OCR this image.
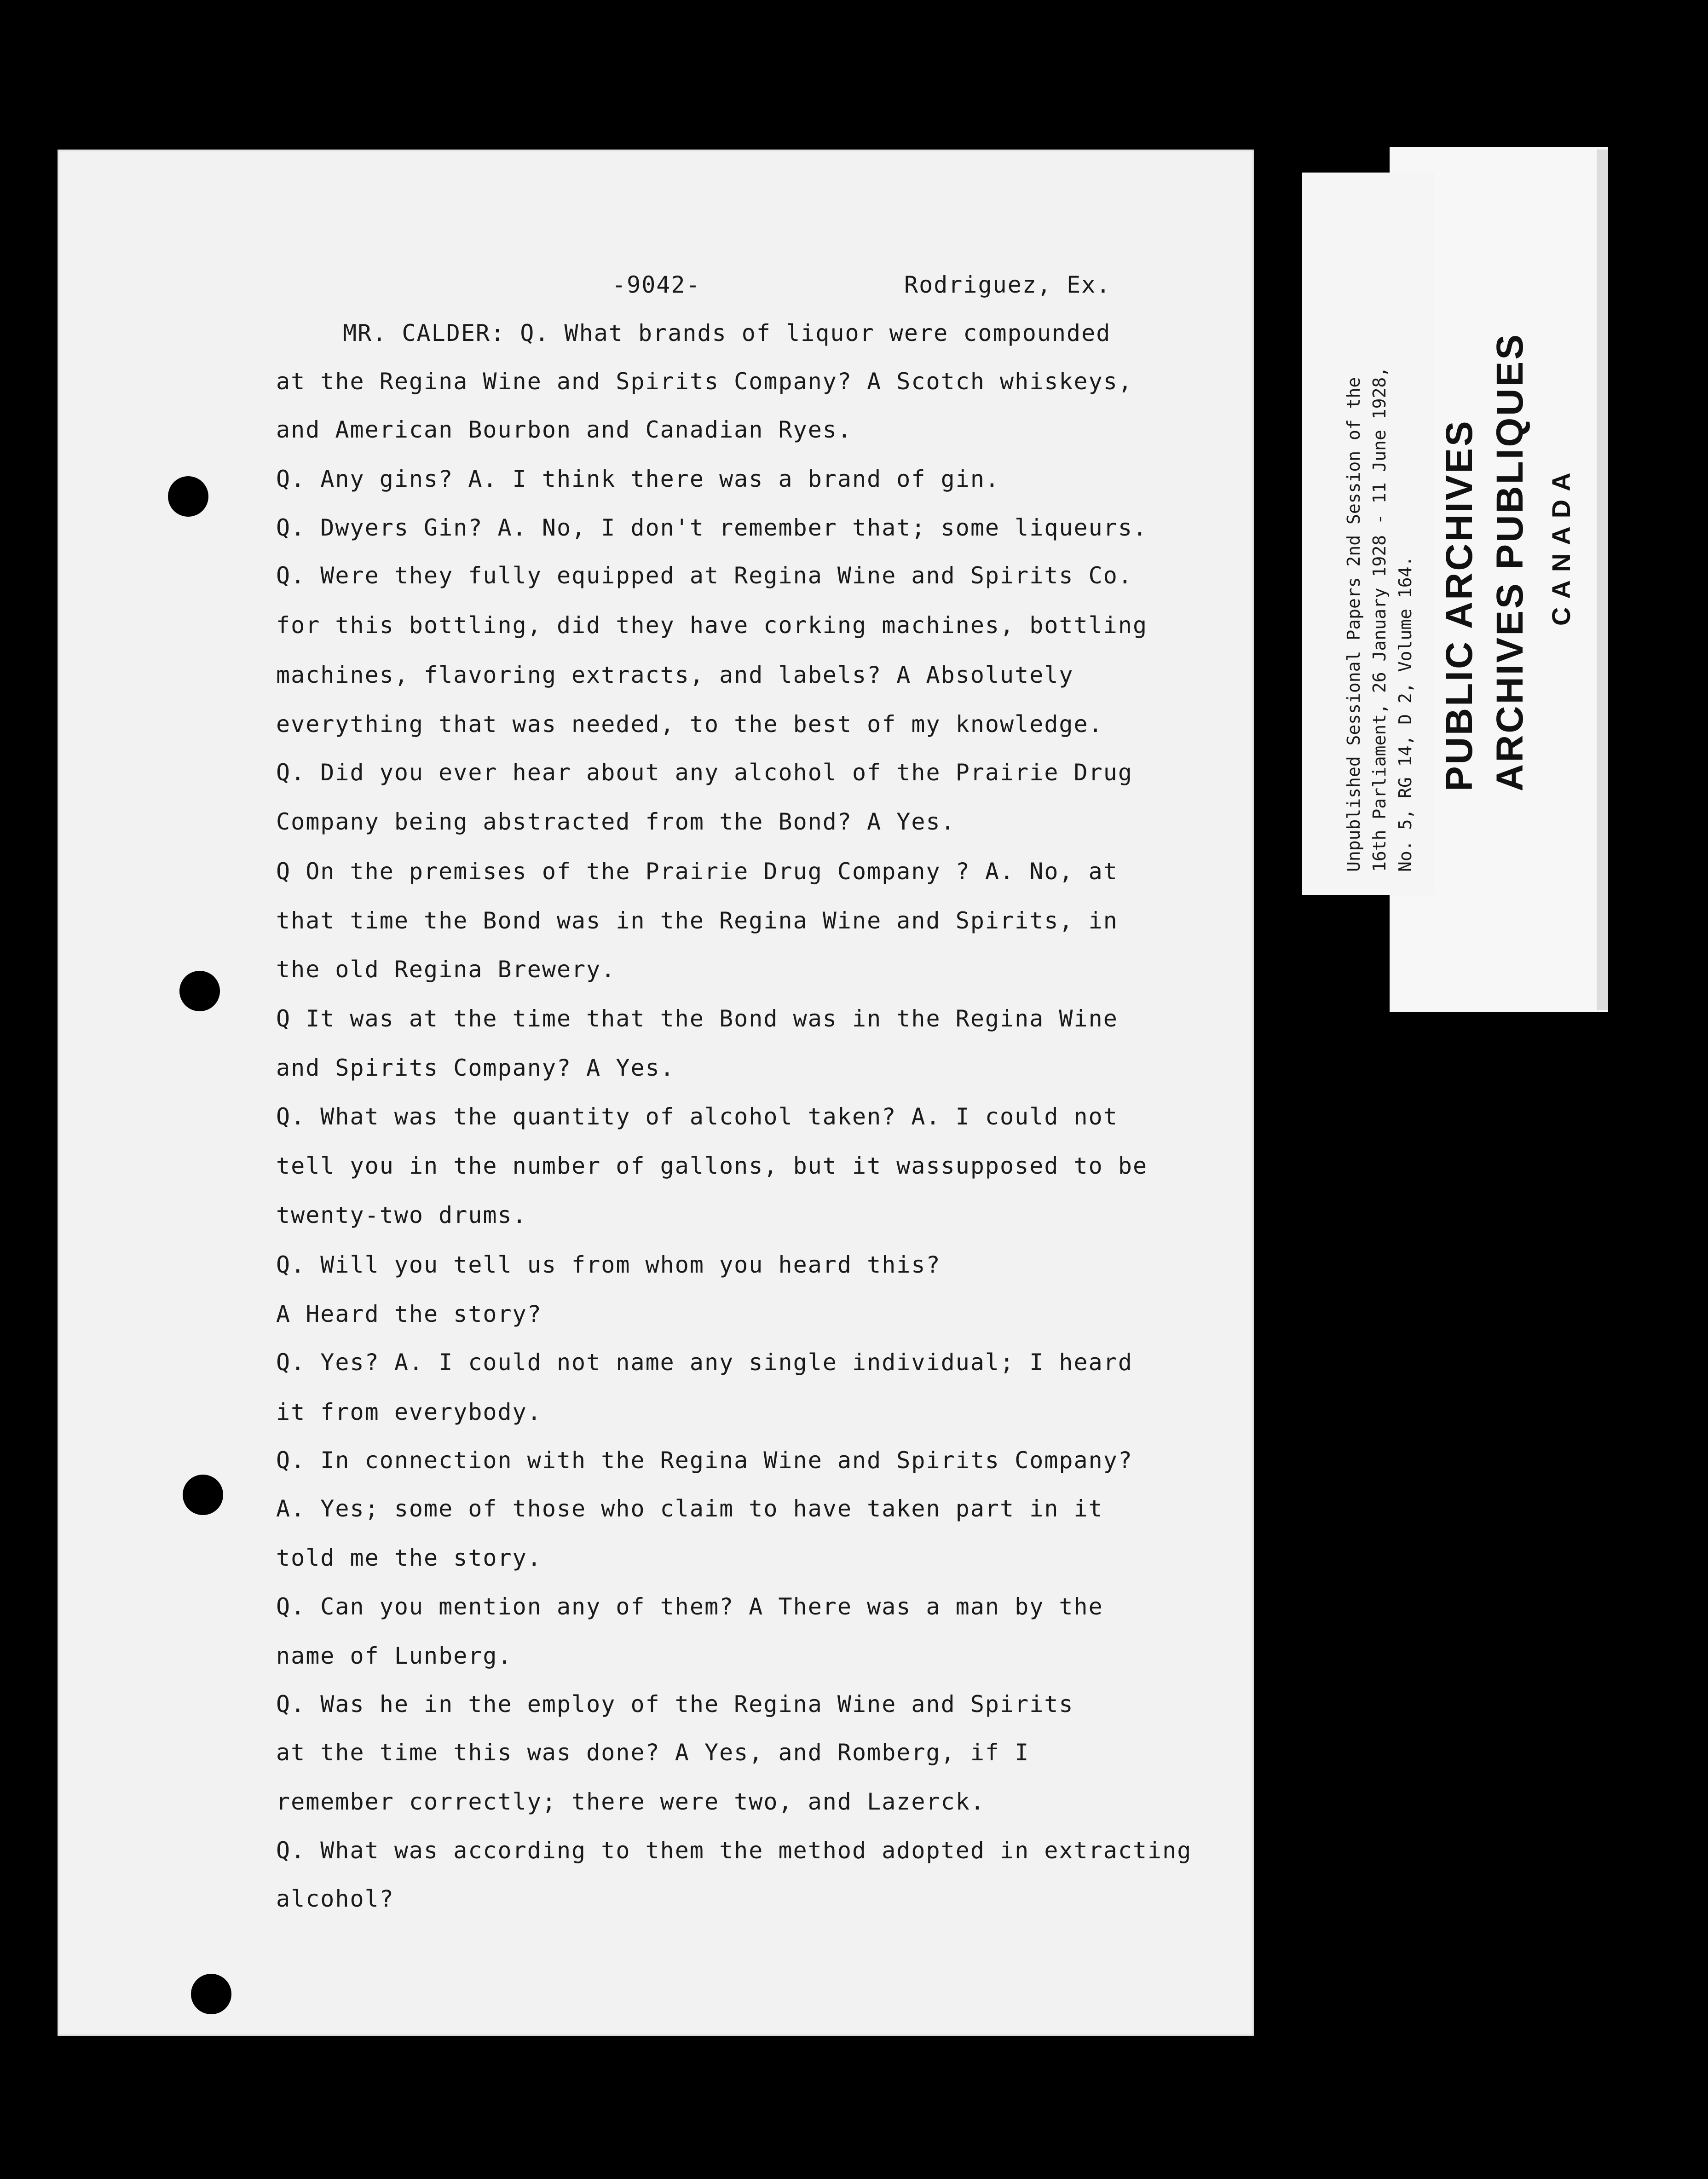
-9042-	Rodriguez, Ex.
MR. CALDER: Q. What brands of liquor were compounded
at the Regina Wine and Spirits Company? A Scotch whiskeys,
and American Bourbon and Canadian Ryes.
Q. Any gins? A. I think there was a brand of gin.
Q. Dwyers Gin? A. No, I don't remember that; some liqueurs.
Q. Were they fully equipped at Regina Wine and Spirits Co.
for this bottling, did they have corking machines, bottling
machines, flavoring extracts, and labels? A Absolutely
everything that was needed, to the best of my knowledge.
Q. Did you ever hear about any alcohol of the Prairie Drug
Company being abstracted from the Bond? A Yes.
Q On the premises of the Prairie Drug Company ? A. No, at
that time the Bond was in the Regina Wine and Spirits, in
the old Regina Brewery.
Q It was at the time that the Bond was in the Regina Wine
and Spirits Company? A Yes.
Q. What was the quantity of alcohol taken? A. I could not
tell you in the number of gallons, but it wassupposed to be
twenty-two drums.
Q. Will you tell us from whom you heard this?
A Heard the story?
Q. Yes? A. I could not name any single individual; I heard
it from everybody.
Q. In connection with the Regina Wine and Spirits Company?
A. Yes; some of those who claim to have taken part in it
told me the story.
Q. Can you mention any of them? A There was a man by the
name of Lunberg.
Q. Was he in the employ of the Regina Wine and Spirits
at the time this was done? A Yes, and Romberg, if I
remember correctly; there were two, and Lazerck.
Q. What was according to them the method adopted in extracting
alcohol?
Unpublished Sessional Papers 2nd Session of the 16th Parliament, 26 January 1928 - 11 June 1928, No. 5, RG 14, D 2, Volume 164. PUBLIC ARCHIVES ARCHIVES PUBLIQUES CANADA
